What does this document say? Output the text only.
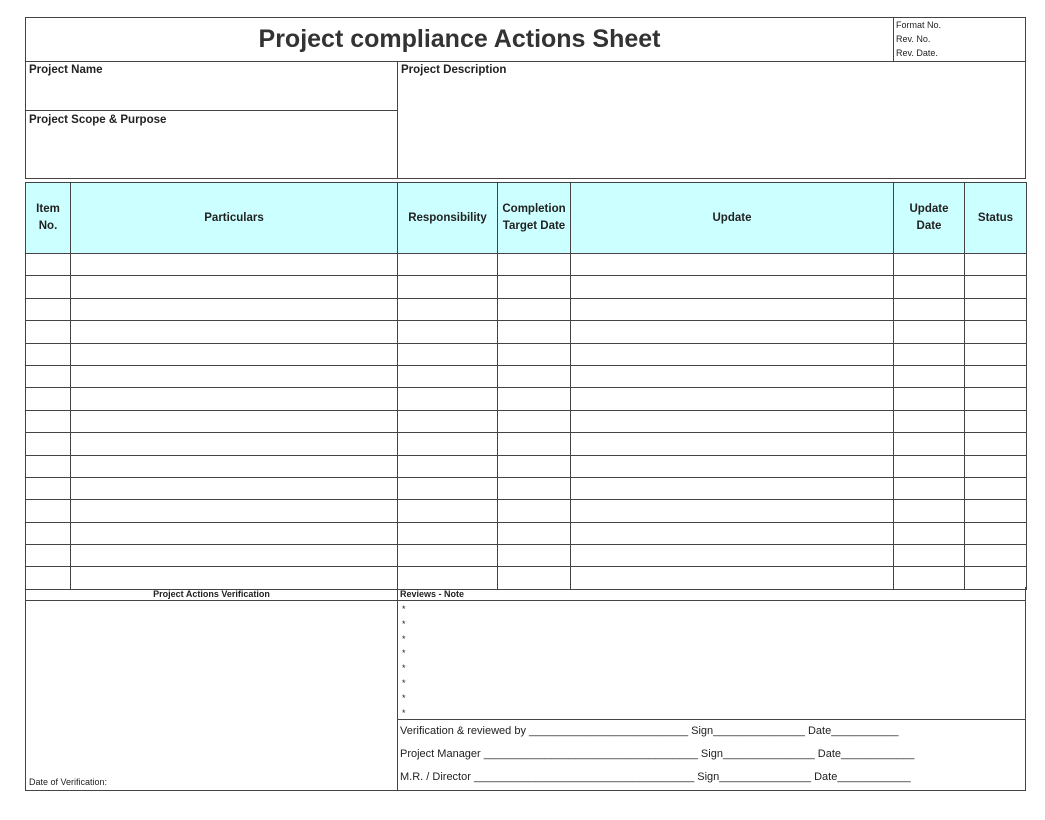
Project compliance Actions Sheet	Format No.
Rev. No.
Rev. Date.
Project Name
Project Scope & Purpose
Project Description
Item No.	Particulars	Responsibility	Completion Target Date	Update	Update Date	Status

Project Actions Verification
Date of Verification:
Reviews - Note
*
*
*
*
*
*
*
*
Verification & reviewed by __________________________ Sign_______________ Date___________
Project Manager ___________________________________ Sign_______________ Date____________
M.R. / Director ____________________________________ Sign_______________ Date____________
